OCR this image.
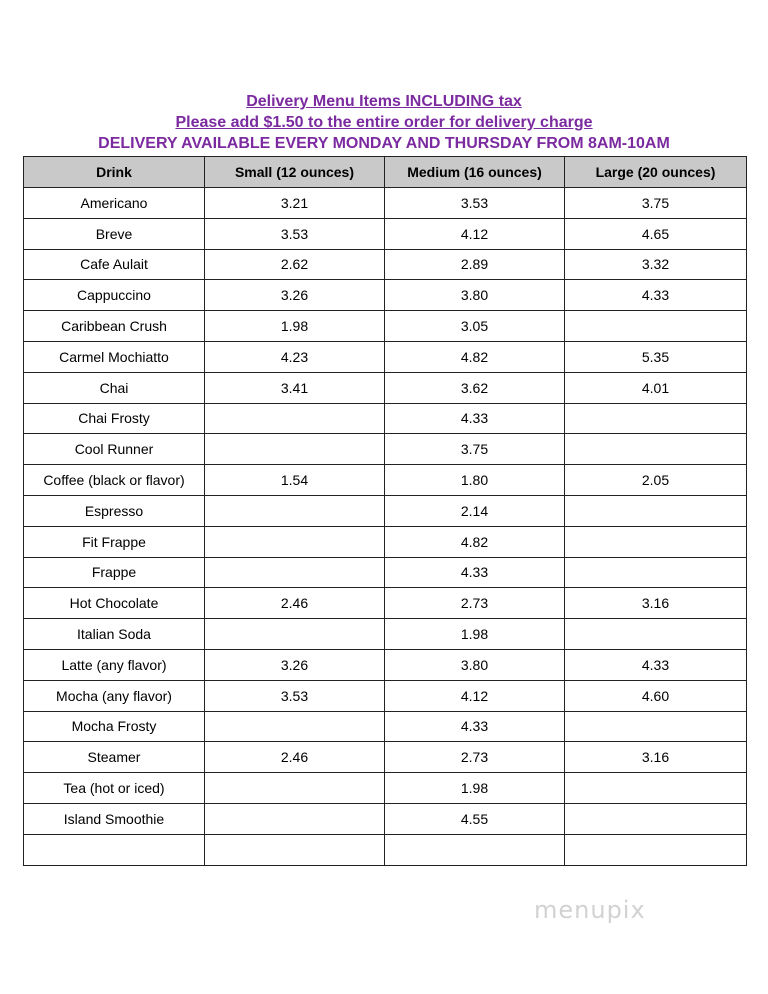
Delivery Menu Items INCLUDING tax
Please add $1.50 to the entire order for delivery charge
DELIVERY AVAILABLE EVERY MONDAY AND THURSDAY FROM 8AM-10AM
Drink	Small (12 ounces)	Medium (16 ounces)	Large (20 ounces)
Americano	3.21	3.53	3.75
Breve	3.53	4.12	4.65
Cafe Aulait	2.62	2.89	3.32
Cappuccino	3.26	3.80	4.33
Caribbean Crush	1.98	3.05	
Carmel Mochiatto	4.23	4.82	5.35
Chai	3.41	3.62	4.01
Chai Frosty		4.33	
Cool Runner		3.75	
Coffee (black or flavor)	1.54	1.80	2.05
Espresso		2.14	
Fit Frappe		4.82	
Frappe		4.33	
Hot Chocolate	2.46	2.73	3.16
Italian Soda		1.98	
Latte (any flavor)	3.26	3.80	4.33
Mocha (any flavor)	3.53	4.12	4.60
Mocha Frosty		4.33	
Steamer	2.46	2.73	3.16
Tea (hot or iced)		1.98	
Island Smoothie		4.55	

menupix
